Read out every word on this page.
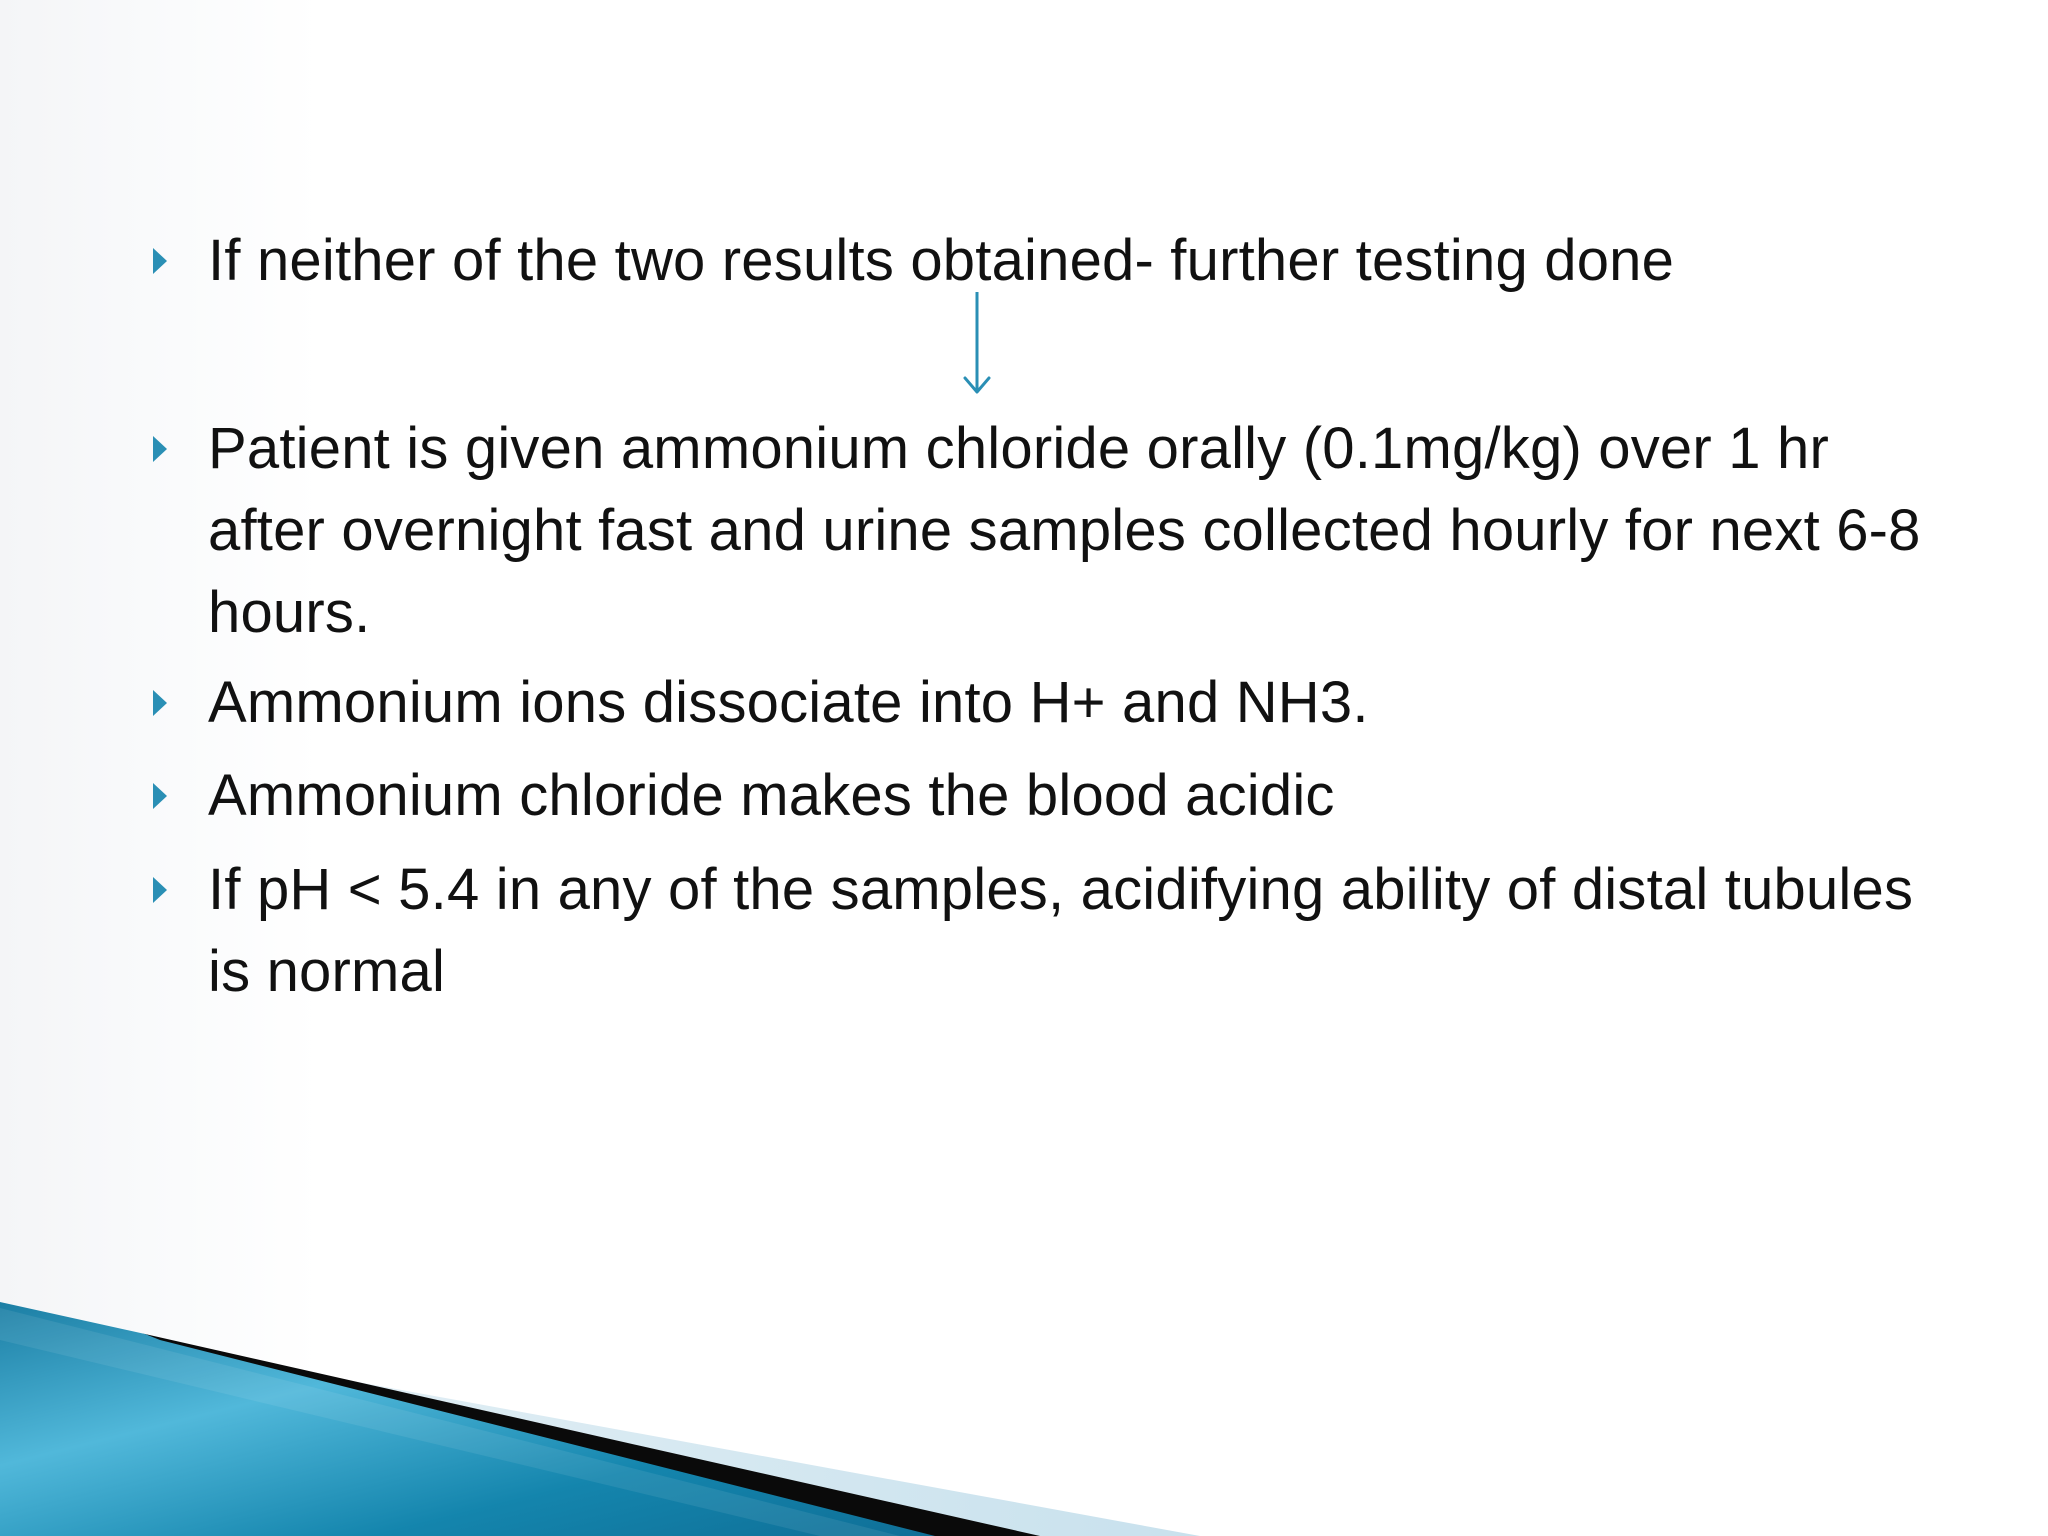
If neither of the two results obtained- further testing done
Patient is given ammonium chloride orally (0.1mg/kg) over 1 hr after overnight fast and urine samples collected hourly for next 6-8 hours.
Ammonium ions dissociate into H+ and NH3.
Ammonium chloride makes the blood acidic
If pH < 5.4 in any of the samples, acidifying ability of distal tubules is normal
